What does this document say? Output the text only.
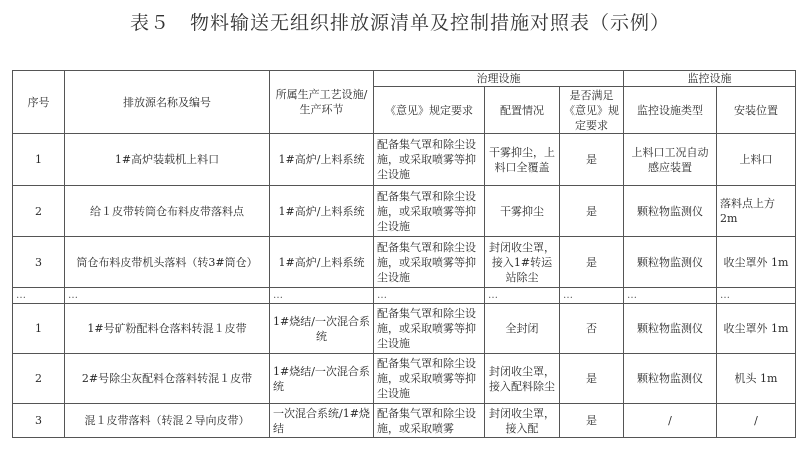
表５　物料输送无组织排放源清单及控制措施对照表（示例）
序号	排放源名称及编号	所属生产工艺设施/生产环节	治理设施			监控设施	
			《意见》规定要求	配置情况	是否满足《意见》规定要求	监控设施类型	安装位置
1	1#高炉装载机上料口	1#高炉/上料系统	配备集气罩和除尘设施，或采取喷雾等抑尘设施	干雾抑尘，上料口全覆盖	是	上料口工况自动感应装置	上料口
2	给１皮带转筒仓布料皮带落料点	1#高炉/上料系统	配备集气罩和除尘设施，或采取喷雾等抑尘设施	干雾抑尘	是	颗粒物监测仪	落料点上方 2m
3	筒仓布料皮带机头落料（转3#筒仓）	1#高炉/上料系统	配备集气罩和除尘设施，或采取喷雾等抑尘设施	封闭收尘罩，接入1#转运站除尘	是	颗粒物监测仪	收尘罩外 1m
…	…	…	…	…	…	…	…
1	1#号矿粉配料仓落料转混１皮带	1#烧结/一次混合系统	配备集气罩和除尘设施，或采取喷雾等抑尘设施	全封闭	否	颗粒物监测仪	收尘罩外 1m
2	2#号除尘灰配料仓落料转混１皮带	1#烧结/一次混合系统	配备集气罩和除尘设施，或采取喷雾等抑尘设施	封闭收尘罩，接入配料除尘	是	颗粒物监测仪	机头 1m
3	混１皮带落料（转混２导向皮带）	一次混合系统/1#烧结	配备集气罩和除尘设施，或采取喷雾	封闭收尘罩，接入配	是	/	/
